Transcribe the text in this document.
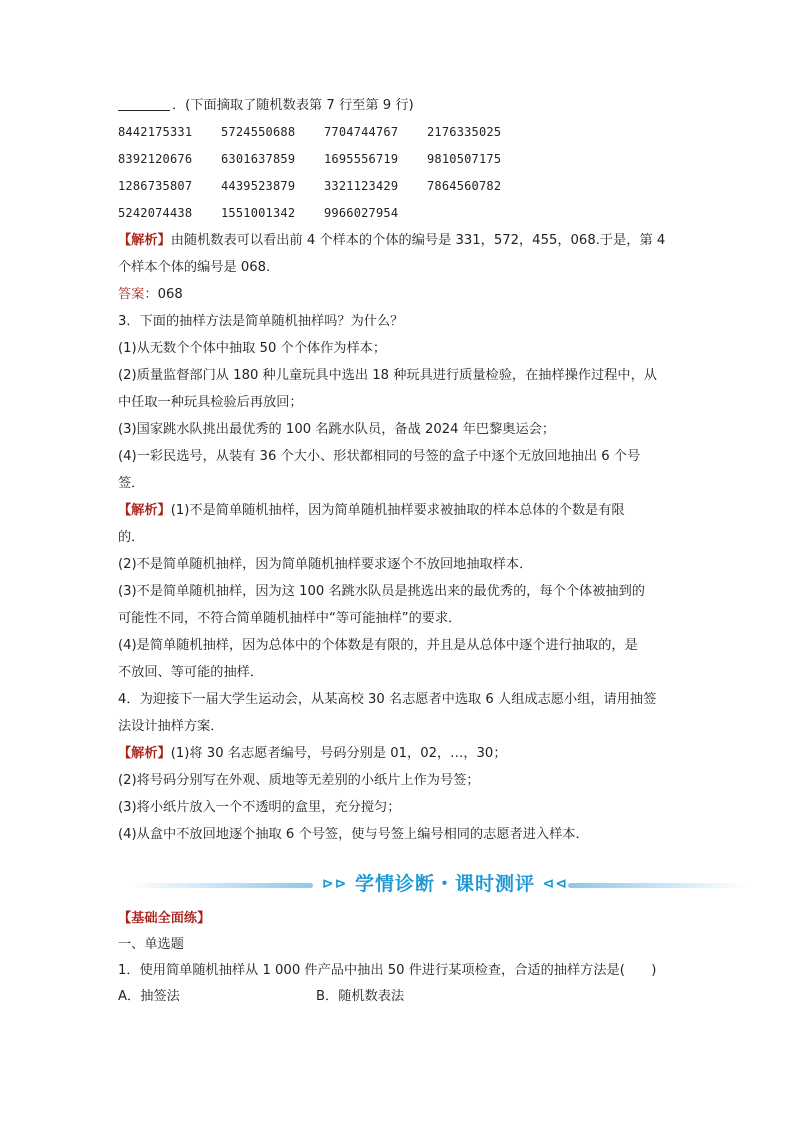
．(下面摘取了随机数表第 7 行至第 9 行)
8442175331 5724550688 7704744767 2176335025
8392120676 6301637859 1695556719 9810507175
1286735807 4439523879 3321123429 7864560782
5242074438 1551001342 9966027954
【解析】由随机数表可以看出前 4 个样本的个体的编号是 331，572，455，068.于是，第 4
个样本个体的编号是 068.
答案：068
3．下面的抽样方法是简单随机抽样吗？为什么？
(1)从无数个个体中抽取 50 个个体作为样本；
(2)质量监督部门从 180 种儿童玩具中选出 18 种玩具进行质量检验，在抽样操作过程中，从
中任取一种玩具检验后再放回；
(3)国家跳水队挑出最优秀的 100 名跳水队员，备战 2024 年巴黎奥运会；
(4)一彩民选号，从装有 36 个大小、形状都相同的号签的盒子中逐个无放回地抽出 6 个号
签．
【解析】(1)不是简单随机抽样，因为简单随机抽样要求被抽取的样本总体的个数是有限
的．
(2)不是简单随机抽样，因为简单随机抽样要求逐个不放回地抽取样本．
(3)不是简单随机抽样，因为这 100 名跳水队员是挑选出来的最优秀的，每个个体被抽到的
可能性不同，不符合简单随机抽样中“等可能抽样”的要求．
(4)是简单随机抽样，因为总体中的个体数是有限的，并且是从总体中逐个进行抽取的，是
不放回、等可能的抽样．
4．为迎接下一届大学生运动会，从某高校 30 名志愿者中选取 6 人组成志愿小组，请用抽签
法设计抽样方案．
【解析】(1)将 30 名志愿者编号，号码分别是 01，02，…，30；
(2)将号码分别写在外观、质地等无差别的小纸片上作为号签；
(3)将小纸片放入一个不透明的盒里，充分搅匀；
(4)从盒中不放回地逐个抽取 6 个号签，使与号签上编号相同的志愿者进入样本．
⊳⊳ 学情诊断・课时测评 ⊲⊲
【基础全面练】
一、单选题
1．使用简单随机抽样从 1 000 件产品中抽出 50 件进行某项检查，合适的抽样方法是(　　)
A．抽签法	B．随机数表法
